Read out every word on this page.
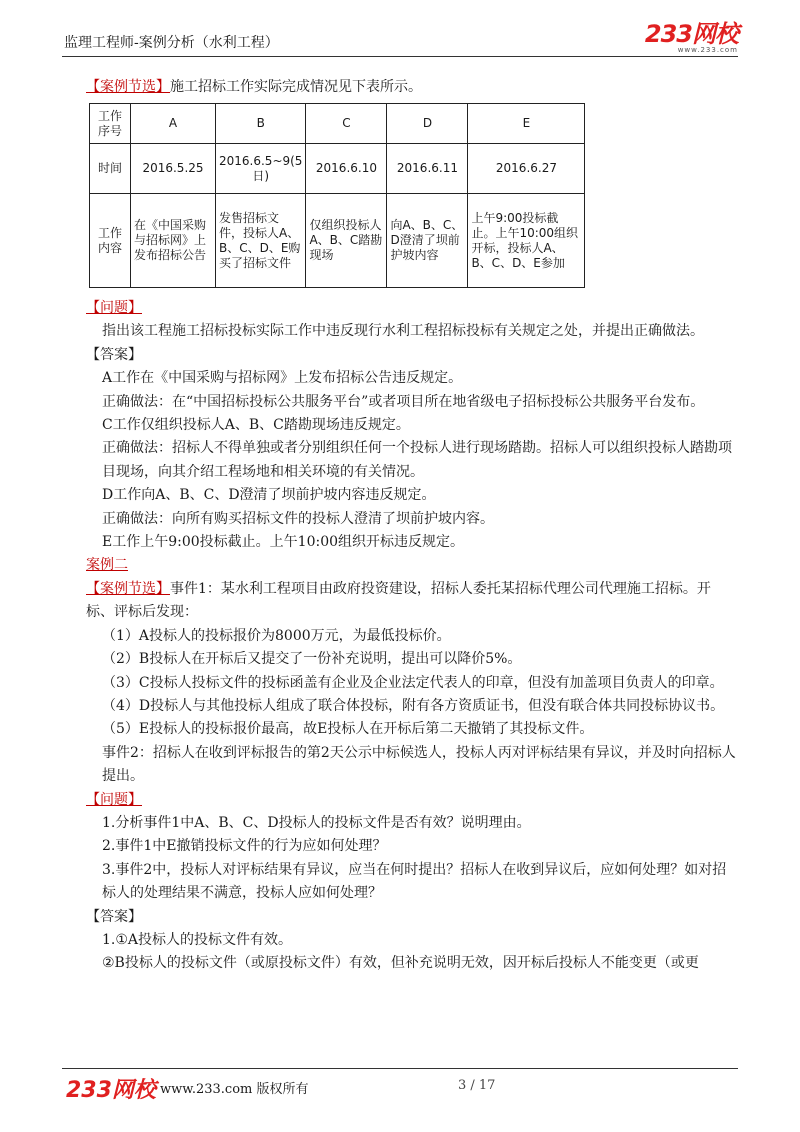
监理工程师-案例分析（水利工程）	233网校
www.233.com

【案例节选】施工招标工作实际完成情况见下表所示。

工作序号	A	B	C	D	E
时间	2016.5.25	2016.6.5~9(5日)	2016.6.10	2016.6.11	2016.6.27
工作内容	在《中国采购与招标网》上发布招标公告	发售招标文件，投标人A、B、C、D、E购买了招标文件	仅组织投标人A、B、C踏勘现场	向A、B、C、D澄清了坝前护坡内容	上午9:00投标截止。上午10:00组织开标，投标人A、B、C、D、E参加

【问题】

指出该工程施工招标投标实际工作中违反现行水利工程招标投标有关规定之处，并提出正确做法。

【答案】

A工作在《中国采购与招标网》上发布招标公告违反规定。

正确做法：在“中国招标投标公共服务平台”或者项目所在地省级电子招标投标公共服务平台发布。

C工作仅组织投标人A、B、C踏勘现场违反规定。

正确做法：招标人不得单独或者分别组织任何一个投标人进行现场踏勘。招标人可以组织投标人踏勘项目现场，向其介绍工程场地和相关环境的有关情况。

D工作向A、B、C、D澄清了坝前护坡内容违反规定。

正确做法：向所有购买招标文件的投标人澄清了坝前护坡内容。

E工作上午9:00投标截止。上午10:00组织开标违反规定。

案例二

【案例节选】事件1：某水利工程项目由政府投资建设，招标人委托某招标代理公司代理施工招标。开标、评标后发现：

（1）A投标人的投标报价为8000万元，为最低投标价。

（2）B投标人在开标后又提交了一份补充说明，提出可以降价5%。

（3）C投标人投标文件的投标函盖有企业及企业法定代表人的印章，但没有加盖项目负责人的印章。

（4）D投标人与其他投标人组成了联合体投标，附有各方资质证书，但没有联合体共同投标协议书。

（5）E投标人的投标报价最高，故E投标人在开标后第二天撤销了其投标文件。

事件2：招标人在收到评标报告的第2天公示中标候选人，投标人丙对评标结果有异议，并及时向招标人提出。

【问题】

1.分析事件1中A、B、C、D投标人的投标文件是否有效？说明理由。

2.事件1中E撤销投标文件的行为应如何处理？

3.事件2中，投标人对评标结果有异议，应当在何时提出？招标人在收到异议后，应如何处理？如对招标人的处理结果不满意，投标人应如何处理？

【答案】

1.①A投标人的投标文件有效。

②B投标人的投标文件（或原投标文件）有效，但补充说明无效，因开标后投标人不能变更（或更

233网校 www.233.com 版权所有	3 / 17
